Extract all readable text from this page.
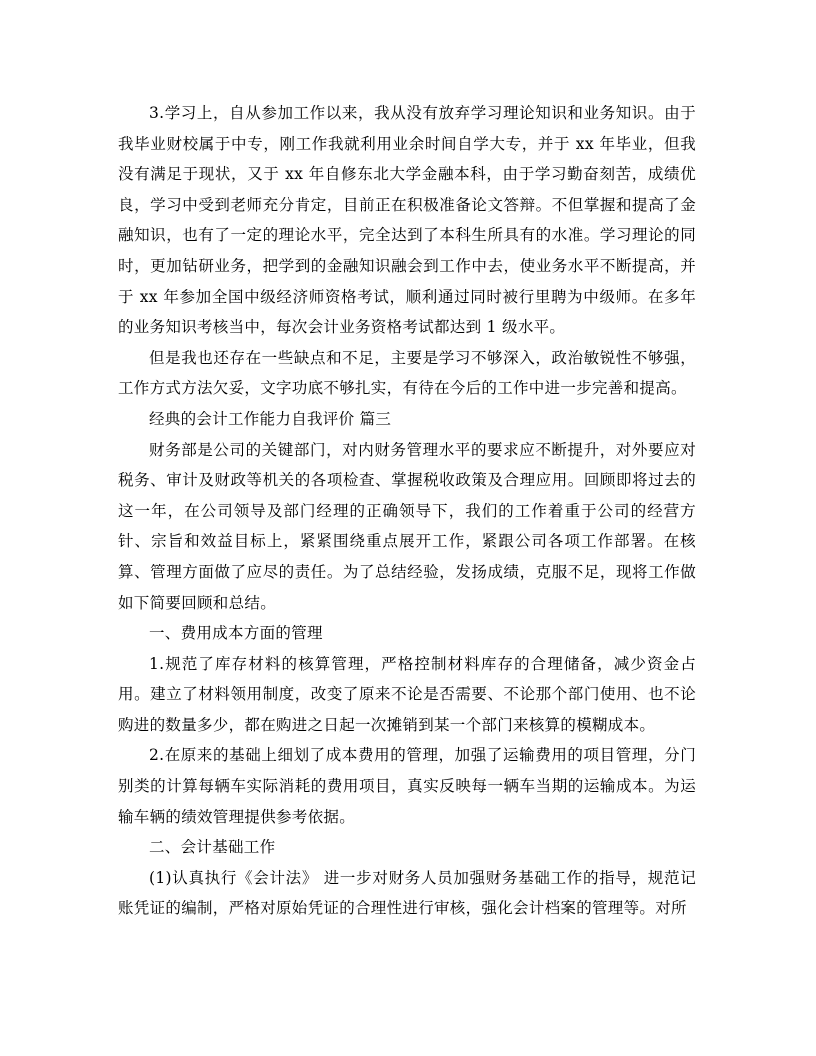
3.学习上，自从参加工作以来，我从没有放弃学习理论知识和业务知识。由于我毕业财校属于中专，刚工作我就利用业余时间自学大专，并于 xx 年毕业，但我没有满足于现状，又于 xx 年自修东北大学金融本科，由于学习勤奋刻苦，成绩优良，学习中受到老师充分肯定，目前正在积极准备论文答辩。不但掌握和提高了金融知识，也有了一定的理论水平，完全达到了本科生所具有的水准。学习理论的同时，更加钻研业务，把学到的金融知识融会到工作中去，使业务水平不断提高，并于 xx 年参加全国中级经济师资格考试，顺利通过同时被行里聘为中级师。在多年的业务知识考核当中，每次会计业务资格考试都达到 1 级水平。

但是我也还存在一些缺点和不足，主要是学习不够深入，政治敏锐性不够强，工作方式方法欠妥，文字功底不够扎实，有待在今后的工作中进一步完善和提高。

经典的会计工作能力自我评价 篇三

财务部是公司的关键部门，对内财务管理水平的要求应不断提升，对外要应对税务、审计及财政等机关的各项检查、掌握税收政策及合理应用。回顾即将过去的这一年，在公司领导及部门经理的正确领导下，我们的工作着重于公司的经营方针、宗旨和效益目标上，紧紧围绕重点展开工作，紧跟公司各项工作部署。在核算、管理方面做了应尽的责任。为了总结经验，发扬成绩，克服不足，现将工作做如下简要回顾和总结。

一、费用成本方面的管理

1.规范了库存材料的核算管理，严格控制材料库存的合理储备，减少资金占用。建立了材料领用制度，改变了原来不论是否需要、不论那个部门使用、也不论购进的数量多少，都在购进之日起一次摊销到某一个部门来核算的模糊成本。

2.在原来的基础上细划了成本费用的管理，加强了运输费用的项目管理，分门别类的计算每辆车实际消耗的费用项目，真实反映每一辆车当期的运输成本。为运输车辆的绩效管理提供参考依据。

二、会计基础工作

(1)认真执行《会计法》 进一步对财务人员加强财务基础工作的指导，规范记账凭证的编制，严格对原始凭证的合理性进行审核，强化会计档案的管理等。对所
